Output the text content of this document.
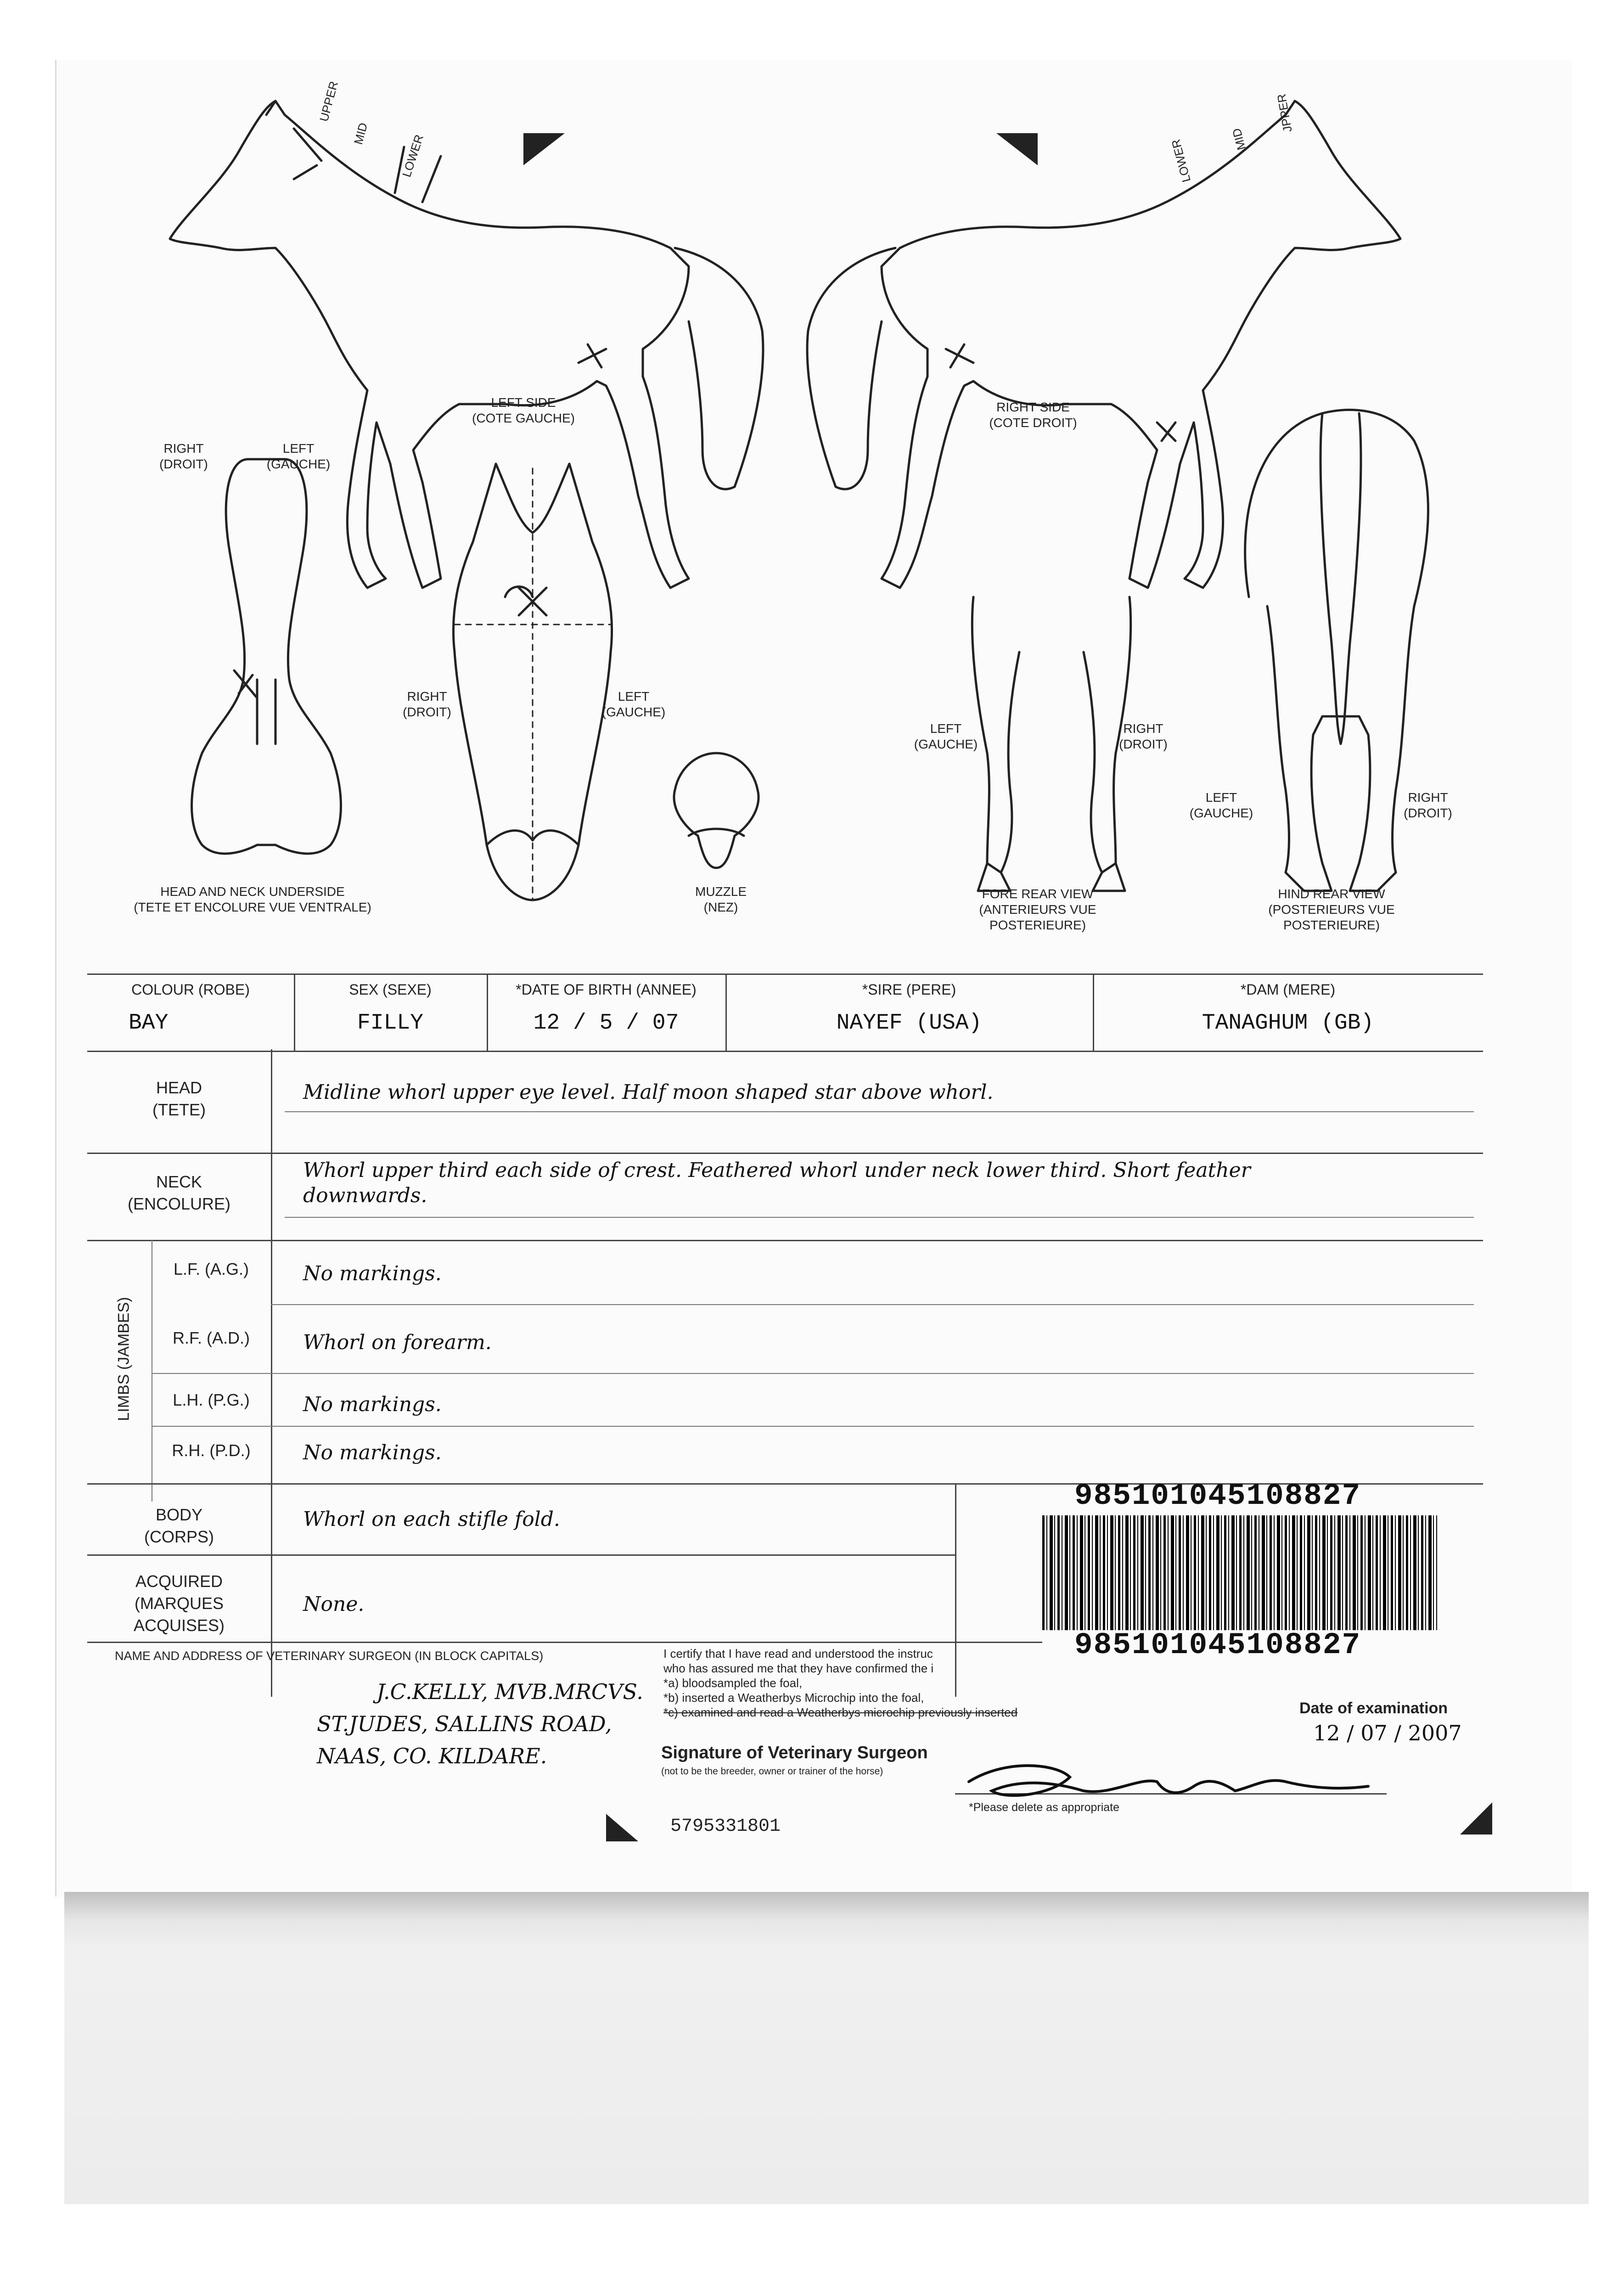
UPPER
MID LOWER	LOWER	MID
JPPER
LEFT SIDE
(COTE GAUCHE)
RIGHT SIDE
(COTE DROIT)
RIGHT
(DROIT)
LEFT
(GAUCHE)
RIGHT
(DROIT)
LEFT
(GAUCHE)
LEFT
(GAUCHE)
RIGHT
(DROIT)
LEFT
(GAUCHE)
RIGHT
(DROIT)
HEAD AND NECK UNDERSIDE
(TETE ET ENCOLURE VUE VENTRALE)
MUZZLE
(NEZ)
FORE REAR VIEW
(ANTERIEURS VUE
POSTERIEURE)
HIND REAR VIEW
(POSTERIEURS VUE
POSTERIEURE)
COLOUR (ROBE)
BAY
SEX (SEXE)
FILLY
*DATE OF BIRTH (ANNEE)
12 / 5 / 07
*SIRE (PERE)
NAYEF (USA)
*DAM (MERE)
TANAGHUM (GB)
HEAD
(TETE)
Midline whorl upper eye level. Half moon shaped star above whorl.
NECK
(ENCOLURE)
Whorl upper third each side of crest. Feathered whorl under neck lower third. Short feather
downwards.
LIMBS (JAMBES)
L.F. (A.G.)	No markings.
R.F. (A.D.)	Whorl on forearm.
L.H. (P.G.)	No markings.
R.H. (P.D.)	No markings.
BODY
(CORPS)
Whorl on each stifle fold.
ACQUIRED
(MARQUES
ACQUISES)
None.
985101045108827
985101045108827
NAME AND ADDRESS OF VETERINARY SURGEON (IN BLOCK CAPITALS)
J.C.KELLY, MVB.MRCVS.
ST.JUDES, SALLINS ROAD,
NAAS, CO. KILDARE.
I certify that I have read and understood the instruc
who has assured me that they have confirmed the i
*a) bloodsampled the foal,
*b) inserted a Weatherbys Microchip into the foal,
*c) examined and read a Weatherbys microchip previously inserted
Signature of Veterinary Surgeon
(not to be the breeder, owner or trainer of the horse)
*Please delete as appropriate
Date of examination
12 / 07 / 2007
5795331801
